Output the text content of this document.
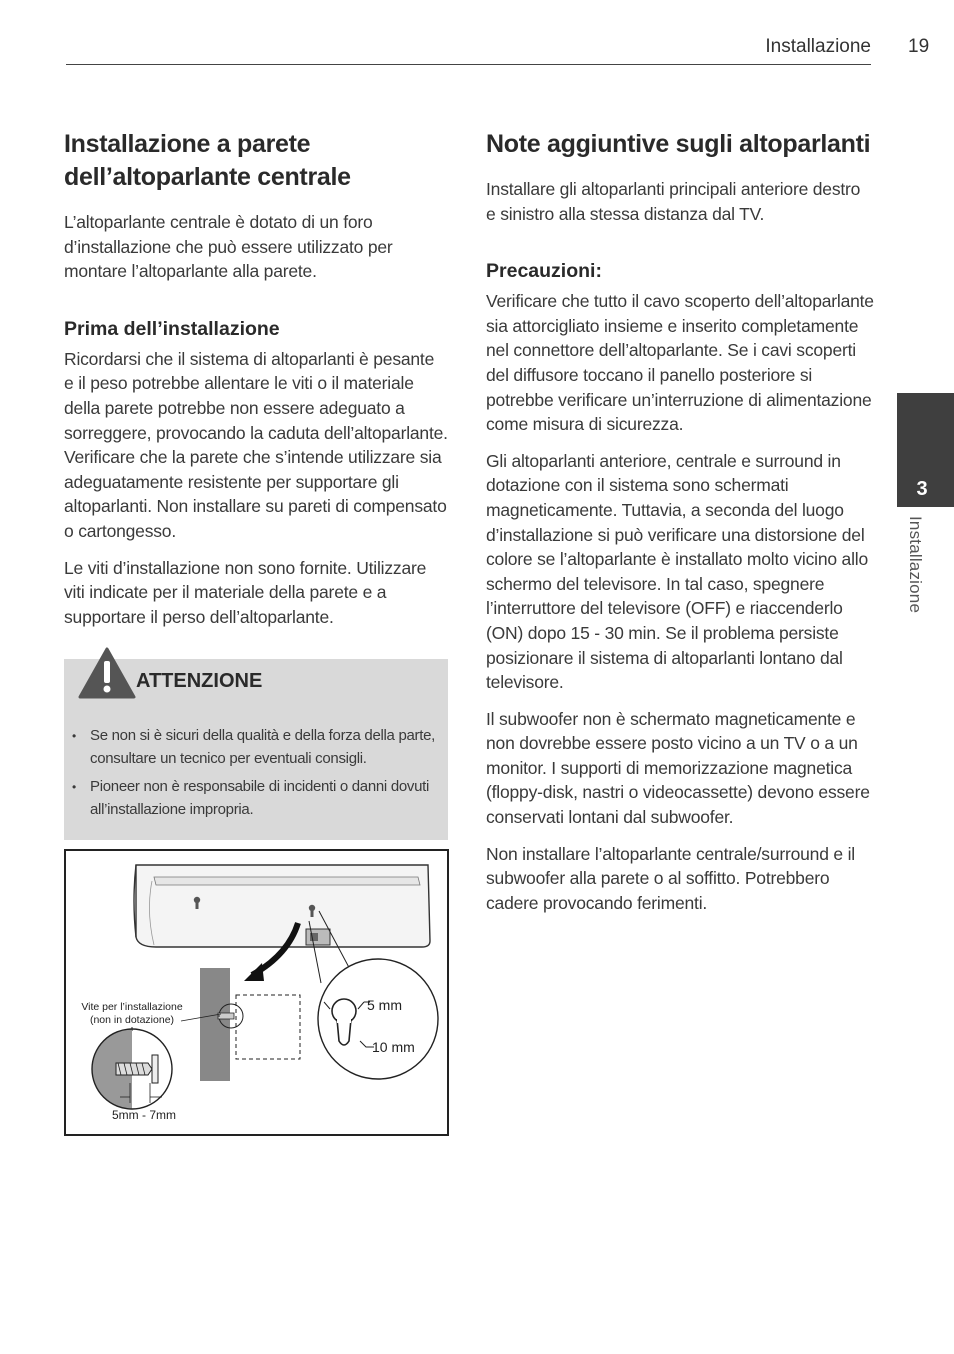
Installazione 19
Installazione a parete dell’altoparlante centrale

L’altoparlante centrale è dotato di un foro d’installazione che può essere utilizzato per montare l’altoparlante alla parete.

Prima dell’installazione

Ricordarsi che il sistema di altoparlanti è pesante e il peso potrebbe allentare le viti o il materiale della parete potrebbe non essere adeguato a sorreggere, provocando la caduta dell’altoparlante. Verificare che la parete che s’intende utilizzare sia adeguatamente resistente per supportare gli altoparlanti. Non installare su pareti di compensato o cartongesso.

Le viti d’installazione non sono fornite. Utilizzare viti indicate per il materiale della parete e a supportare il perso dell’altoparlante.

ATTENZIONE
• Se non si è sicuri della qualità e della forza della parte, consultare un tecnico per eventuali consigli.
• Pioneer non è responsabile di incidenti o danni dovuti all’installazione impropria.
5 mm
10 mm
Vite per l’installazione
(non in dotazione)
5mm - 7mm
Note aggiuntive sugli altoparlanti

Installare gli altoparlanti principali anteriore destro e sinistro alla stessa distanza dal TV.

Precauzioni:

Verificare che tutto il cavo scoperto dell’altoparlante sia attorcigliato insieme e inserito completamente nel connettore dell’altoparlante. Se i cavi scoperti del diffusore toccano il panello posteriore si potrebbe verificare un’interruzione di alimentazione come misura di sicurezza.

Gli altoparlanti anteriore, centrale e surround in dotazione con il sistema sono schermati magneticamente. Tuttavia, a seconda del luogo d’installazione si può verificare una distorsione del colore se l’altoparlante è installato molto vicino allo schermo del televisore. In tal caso, spegnere l’interruttore del televisore (OFF) e riaccenderlo (ON) dopo 15 - 30 min. Se il problema persiste posizionare il sistema di altoparlanti lontano dal televisore.

Il subwoofer non è schermato magneticamente e non dovrebbe essere posto vicino a un TV o a un monitor. I supporti di memorizzazione magnetica (floppy-disk, nastri o videocassette) devono essere conservati lontani dal subwoofer.

Non installare l’altoparlante centrale/surround e il subwoofer alla parete o al soffitto. Potrebbero cadere provocando ferimenti.

3
Installazione
